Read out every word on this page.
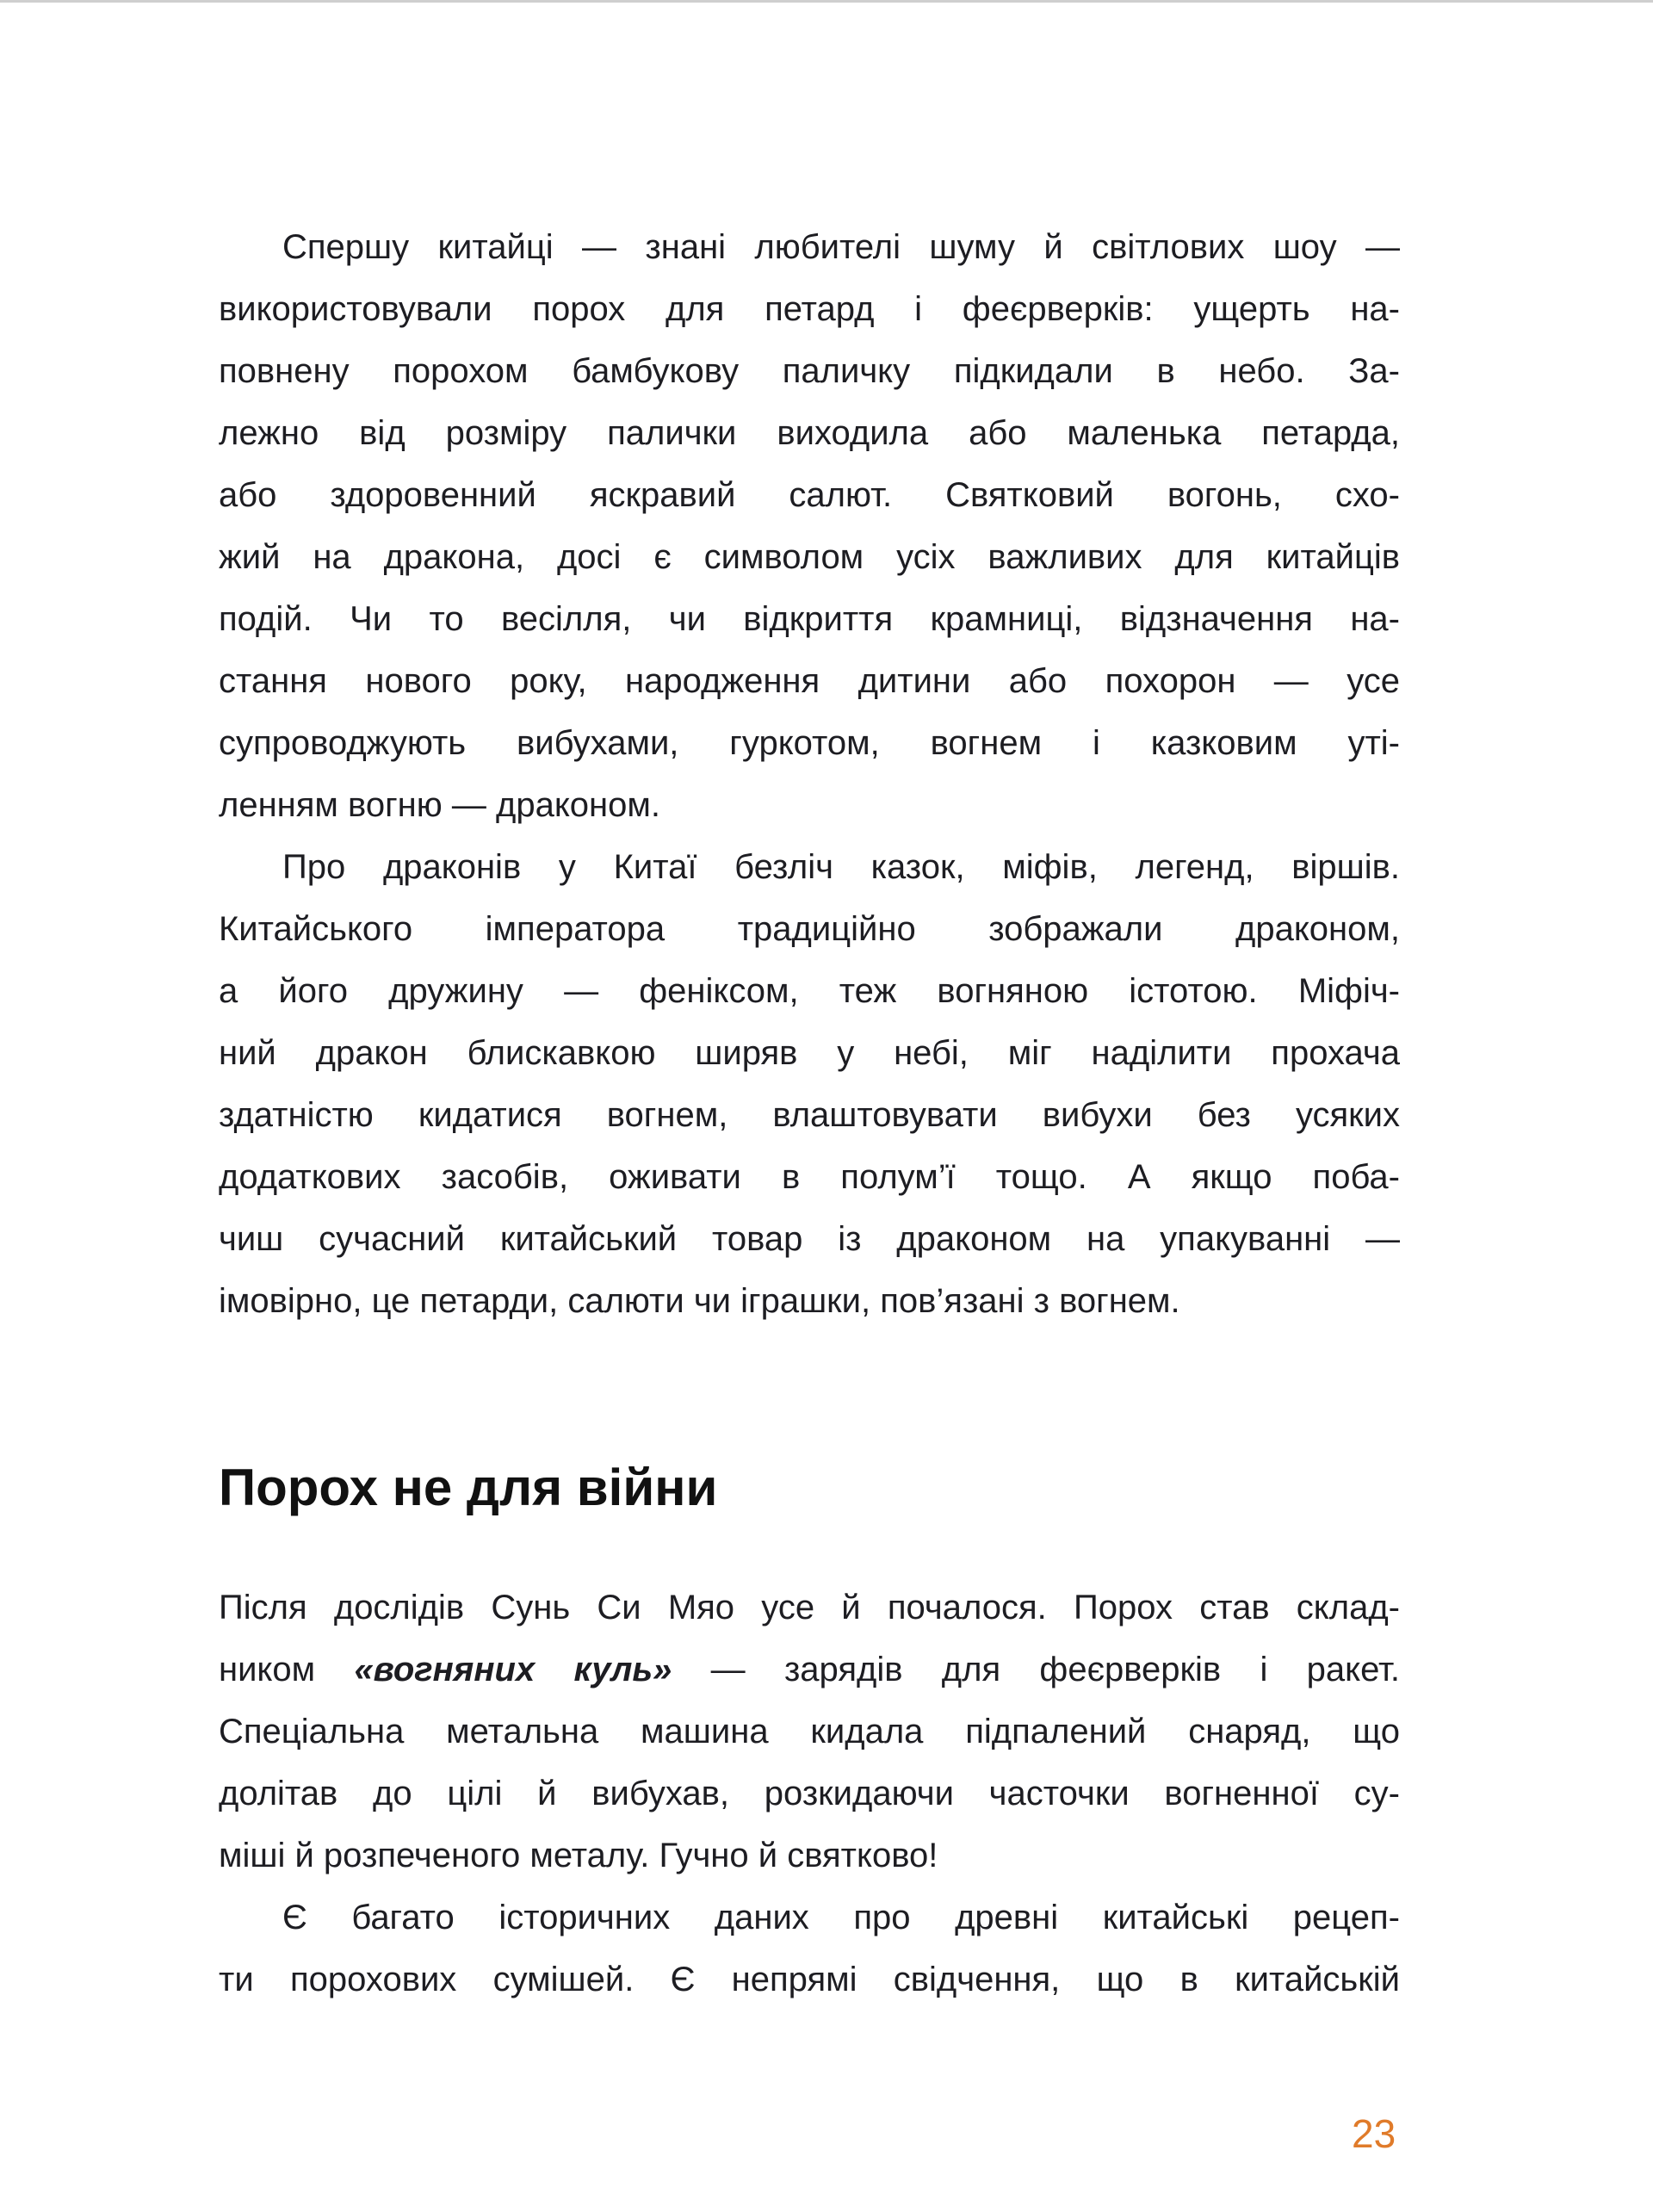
Спершу китайці — знані любителі шуму й світлових шоу —
використовували порох для петард і феєрверків: ущерть на-
повнену порохом бамбукову паличку підкидали в небо. За-
лежно від розміру палички виходила або маленька петарда,
або здоровенний яскравий салют. Святковий вогонь, схо-
жий на дракона, досі є символом усіх важливих для китайців
подій. Чи то весілля, чи відкриття крамниці, відзначення на-
стання нового року, народження дитини або похорон — усе
супроводжують вибухами, гуркотом, вогнем і казковим уті-
ленням вогню — драконом.
Про драконів у Китаї безліч казок, міфів, легенд, віршів.
Китайського імператора традиційно зображали драконом,
а його дружину — феніксом, теж вогняною істотою. Міфіч-
ний дракон блискавкою ширяв у небі, міг наділити прохача
здатністю кидатися вогнем, влаштовувати вибухи без усяких
додаткових засобів, оживати в полум’ї тощо. А якщо поба-
чиш сучасний китайський товар із драконом на упакуванні —
імовірно, це петарди, салюти чи іграшки, пов’язані з вогнем.
Порох не для війни
Після дослідів Сунь Си Мяо усе й почалося. Порох став склад-
ником «вогняних куль» — зарядів для феєрверків і ракет.
Спеціальна метальна машина кидала підпалений снаряд, що
долітав до цілі й вибухав, розкидаючи часточки вогненної су-
міші й розпеченого металу. Гучно й святково!
Є багато історичних даних про древні китайські рецеп-
ти порохових сумішей. Є непрямі свідчення, що в китайській
23
